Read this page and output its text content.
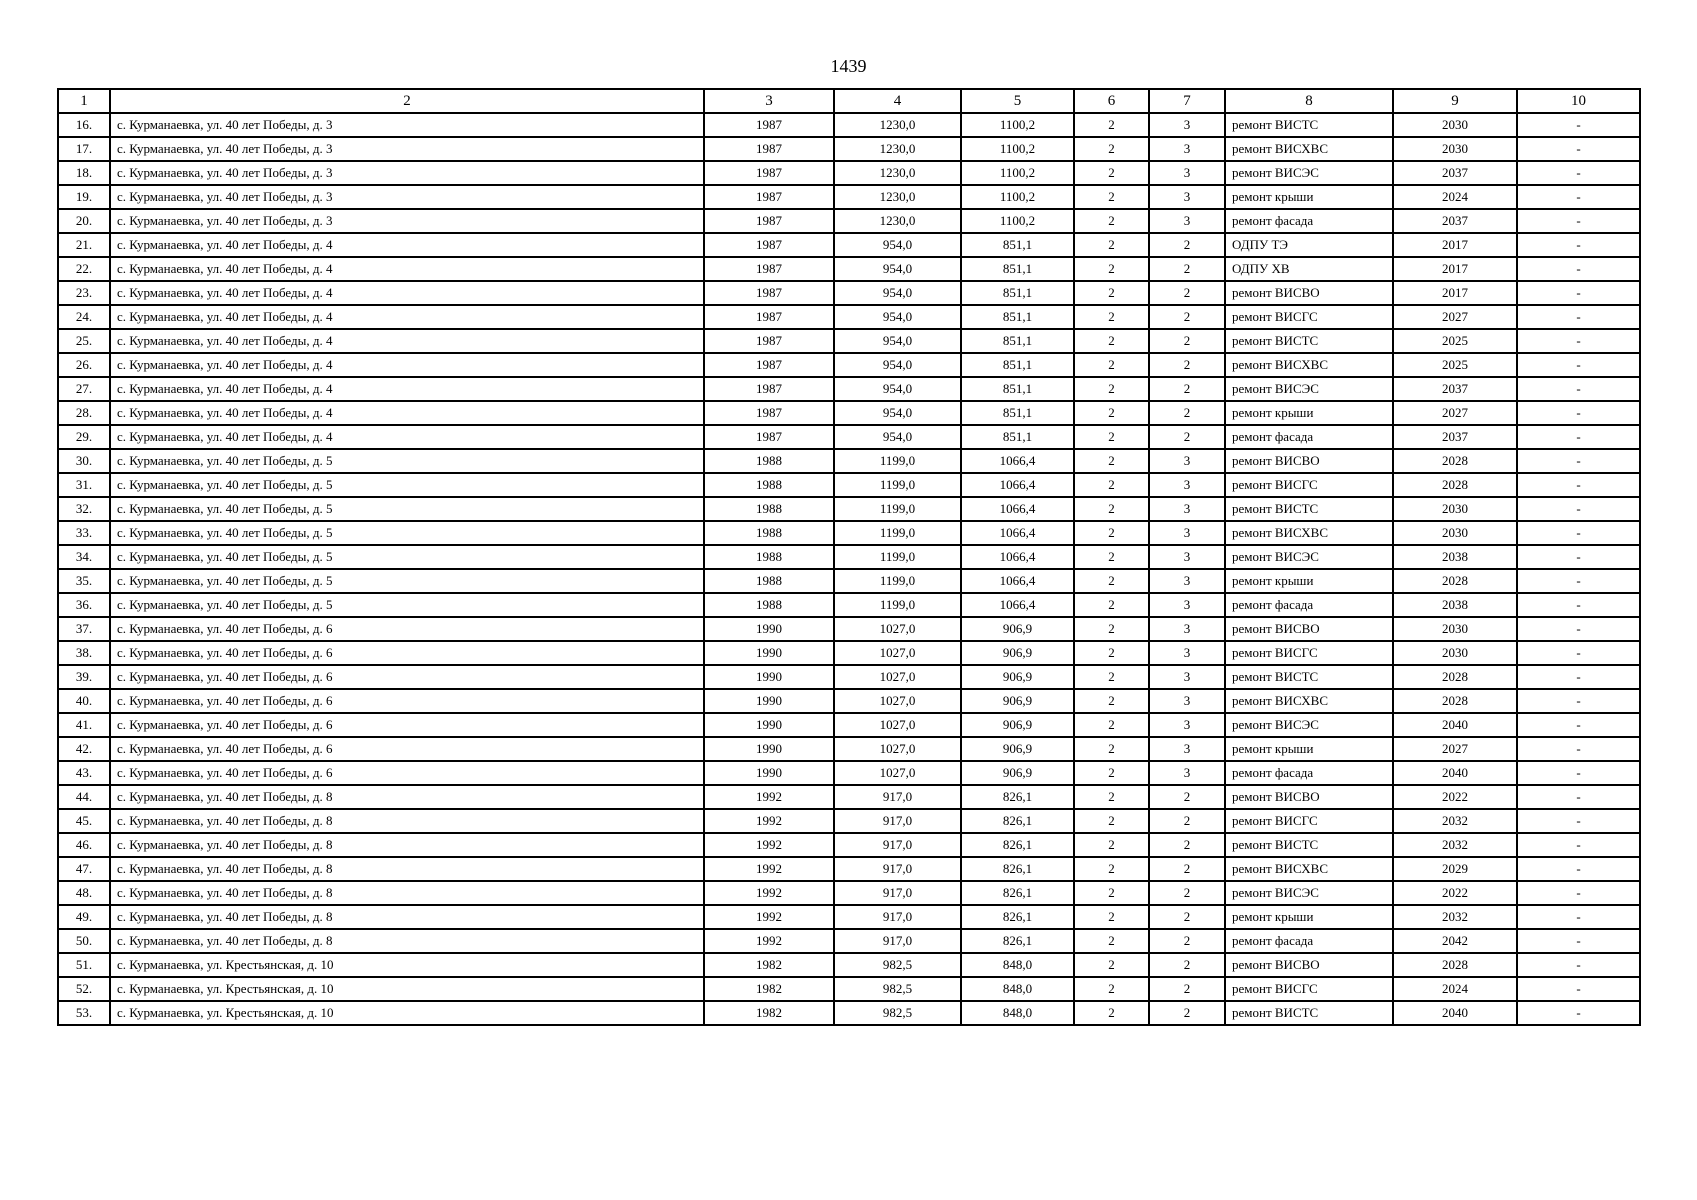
1439
1	2	3	4	5	6	7	8	9	10
16.	с. Курманаевка, ул. 40 лет Победы, д. 3	1987	1230,0	1100,2	2	3	ремонт ВИСТС	2030	-
17.	с. Курманаевка, ул. 40 лет Победы, д. 3	1987	1230,0	1100,2	2	3	ремонт ВИСХВС	2030	-
18.	с. Курманаевка, ул. 40 лет Победы, д. 3	1987	1230,0	1100,2	2	3	ремонт ВИСЭС	2037	-
19.	с. Курманаевка, ул. 40 лет Победы, д. 3	1987	1230,0	1100,2	2	3	ремонт крыши	2024	-
20.	с. Курманаевка, ул. 40 лет Победы, д. 3	1987	1230,0	1100,2	2	3	ремонт фасада	2037	-
21.	с. Курманаевка, ул. 40 лет Победы, д. 4	1987	954,0	851,1	2	2	ОДПУ ТЭ	2017	-
22.	с. Курманаевка, ул. 40 лет Победы, д. 4	1987	954,0	851,1	2	2	ОДПУ ХВ	2017	-
23.	с. Курманаевка, ул. 40 лет Победы, д. 4	1987	954,0	851,1	2	2	ремонт ВИСВО	2017	-
24.	с. Курманаевка, ул. 40 лет Победы, д. 4	1987	954,0	851,1	2	2	ремонт ВИСГС	2027	-
25.	с. Курманаевка, ул. 40 лет Победы, д. 4	1987	954,0	851,1	2	2	ремонт ВИСТС	2025	-
26.	с. Курманаевка, ул. 40 лет Победы, д. 4	1987	954,0	851,1	2	2	ремонт ВИСХВС	2025	-
27.	с. Курманаевка, ул. 40 лет Победы, д. 4	1987	954,0	851,1	2	2	ремонт ВИСЭС	2037	-
28.	с. Курманаевка, ул. 40 лет Победы, д. 4	1987	954,0	851,1	2	2	ремонт крыши	2027	-
29.	с. Курманаевка, ул. 40 лет Победы, д. 4	1987	954,0	851,1	2	2	ремонт фасада	2037	-
30.	с. Курманаевка, ул. 40 лет Победы, д. 5	1988	1199,0	1066,4	2	3	ремонт ВИСВО	2028	-
31.	с. Курманаевка, ул. 40 лет Победы, д. 5	1988	1199,0	1066,4	2	3	ремонт ВИСГС	2028	-
32.	с. Курманаевка, ул. 40 лет Победы, д. 5	1988	1199,0	1066,4	2	3	ремонт ВИСТС	2030	-
33.	с. Курманаевка, ул. 40 лет Победы, д. 5	1988	1199,0	1066,4	2	3	ремонт ВИСХВС	2030	-
34.	с. Курманаевка, ул. 40 лет Победы, д. 5	1988	1199,0	1066,4	2	3	ремонт ВИСЭС	2038	-
35.	с. Курманаевка, ул. 40 лет Победы, д. 5	1988	1199,0	1066,4	2	3	ремонт крыши	2028	-
36.	с. Курманаевка, ул. 40 лет Победы, д. 5	1988	1199,0	1066,4	2	3	ремонт фасада	2038	-
37.	с. Курманаевка, ул. 40 лет Победы, д. 6	1990	1027,0	906,9	2	3	ремонт ВИСВО	2030	-
38.	с. Курманаевка, ул. 40 лет Победы, д. 6	1990	1027,0	906,9	2	3	ремонт ВИСГС	2030	-
39.	с. Курманаевка, ул. 40 лет Победы, д. 6	1990	1027,0	906,9	2	3	ремонт ВИСТС	2028	-
40.	с. Курманаевка, ул. 40 лет Победы, д. 6	1990	1027,0	906,9	2	3	ремонт ВИСХВС	2028	-
41.	с. Курманаевка, ул. 40 лет Победы, д. 6	1990	1027,0	906,9	2	3	ремонт ВИСЭС	2040	-
42.	с. Курманаевка, ул. 40 лет Победы, д. 6	1990	1027,0	906,9	2	3	ремонт крыши	2027	-
43.	с. Курманаевка, ул. 40 лет Победы, д. 6	1990	1027,0	906,9	2	3	ремонт фасада	2040	-
44.	с. Курманаевка, ул. 40 лет Победы, д. 8	1992	917,0	826,1	2	2	ремонт ВИСВО	2022	-
45.	с. Курманаевка, ул. 40 лет Победы, д. 8	1992	917,0	826,1	2	2	ремонт ВИСГС	2032	-
46.	с. Курманаевка, ул. 40 лет Победы, д. 8	1992	917,0	826,1	2	2	ремонт ВИСТС	2032	-
47.	с. Курманаевка, ул. 40 лет Победы, д. 8	1992	917,0	826,1	2	2	ремонт ВИСХВС	2029	-
48.	с. Курманаевка, ул. 40 лет Победы, д. 8	1992	917,0	826,1	2	2	ремонт ВИСЭС	2022	-
49.	с. Курманаевка, ул. 40 лет Победы, д. 8	1992	917,0	826,1	2	2	ремонт крыши	2032	-
50.	с. Курманаевка, ул. 40 лет Победы, д. 8	1992	917,0	826,1	2	2	ремонт фасада	2042	-
51.	с. Курманаевка, ул. Крестьянская, д. 10	1982	982,5	848,0	2	2	ремонт ВИСВО	2028	-
52.	с. Курманаевка, ул. Крестьянская, д. 10	1982	982,5	848,0	2	2	ремонт ВИСГС	2024	-
53.	с. Курманаевка, ул. Крестьянская, д. 10	1982	982,5	848,0	2	2	ремонт ВИСТС	2040	-
